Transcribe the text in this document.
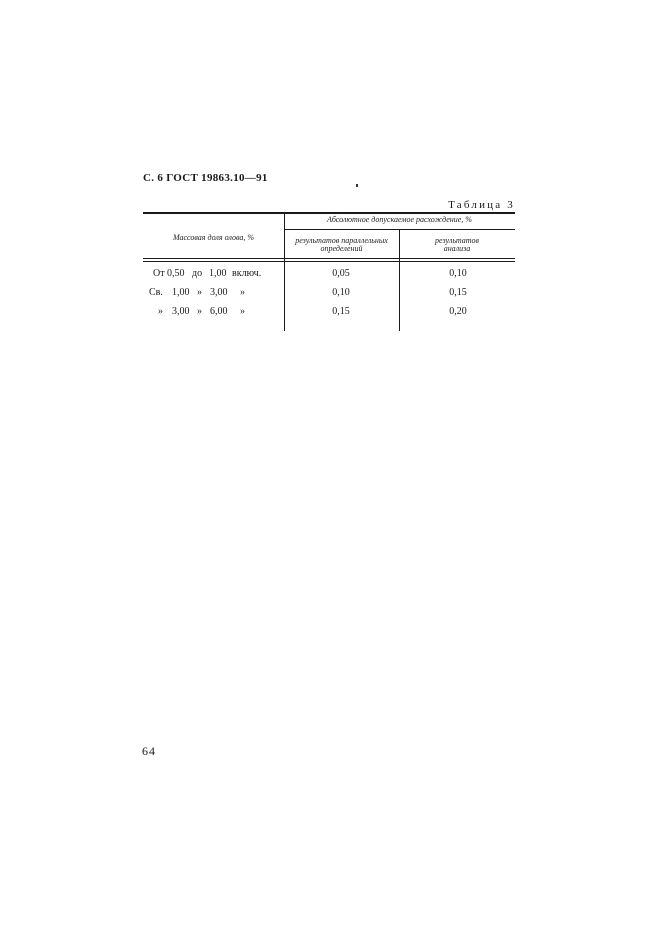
С. 6 ГОСТ 19863.10—91
Таблица 3
Массовая доля олова, %
Абсолютное допускаемое расхождение, %
результатов параллельных
определений
результатов
анализа
От 0,50 до 1,00 включ.	0,05	0,10
Св. 1,00 » 3,00 »	0,10	0,15
» 3,00 » 6,00 »	0,15	0,20
64
